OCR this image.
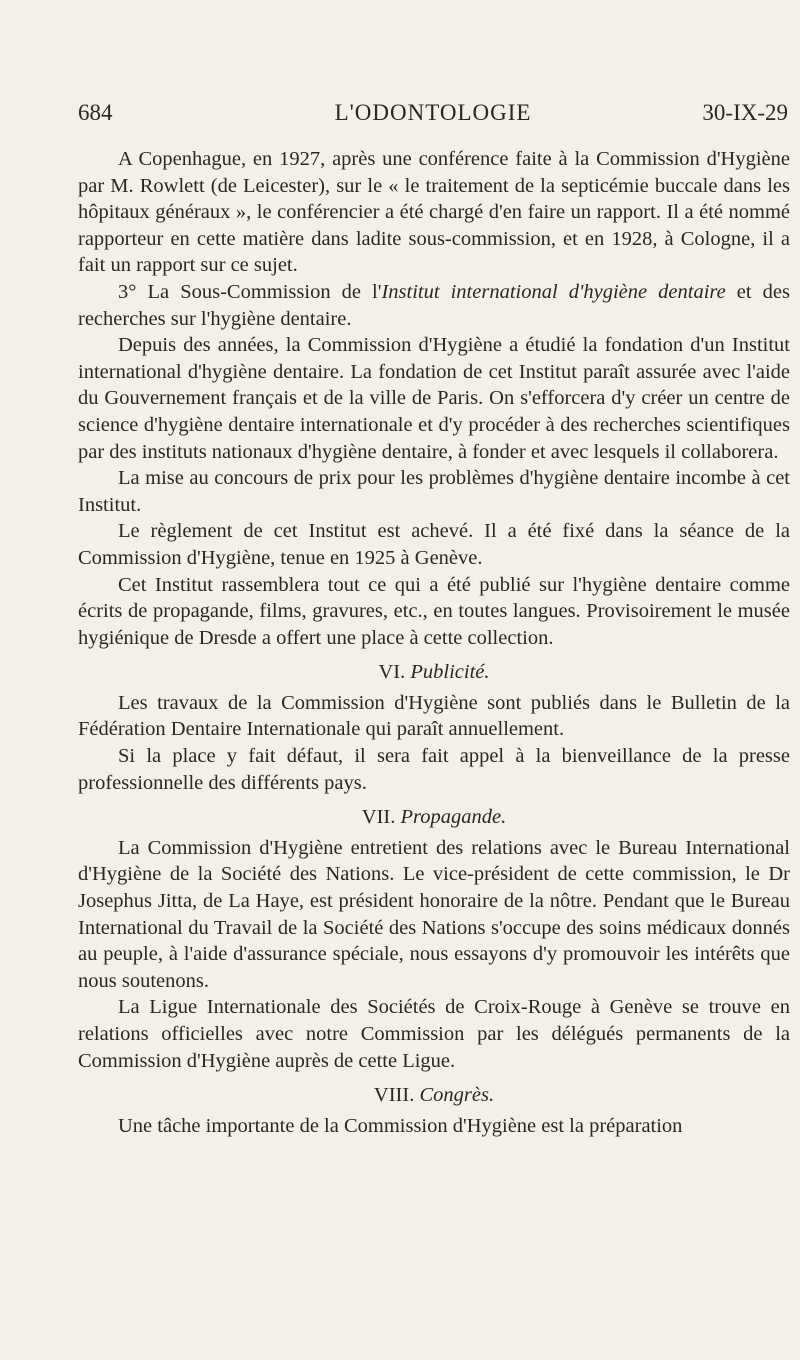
684	L'ODONTOLOGIE	30-IX-29

A Copenhague, en 1927, après une conférence faite à la Commission d'Hygiène par M. Rowlett (de Leicester), sur le « le traitement de la septicémie buccale dans les hôpitaux généraux », le conférencier a été chargé d'en faire un rapport. Il a été nommé rapporteur en cette matière dans ladite sous-commission, et en 1928, à Cologne, il a fait un rapport sur ce sujet.

3° La Sous-Commission de l'Institut international d'hygiène dentaire et des recherches sur l'hygiène dentaire.

Depuis des années, la Commission d'Hygiène a étudié la fondation d'un Institut international d'hygiène dentaire. La fondation de cet Institut paraît assurée avec l'aide du Gouvernement français et de la ville de Paris. On s'efforcera d'y créer un centre de science d'hygiène dentaire internationale et d'y procéder à des recherches scientifiques par des instituts nationaux d'hygiène dentaire, à fonder et avec lesquels il collaborera.

La mise au concours de prix pour les problèmes d'hygiène dentaire incombe à cet Institut.

Le règlement de cet Institut est achevé. Il a été fixé dans la séance de la Commission d'Hygiène, tenue en 1925 à Genève.

Cet Institut rassemblera tout ce qui a été publié sur l'hygiène dentaire comme écrits de propagande, films, gravures, etc., en toutes langues. Provisoirement le musée hygiénique de Dresde a offert une place à cette collection.

VI. Publicité.

Les travaux de la Commission d'Hygiène sont publiés dans le Bulletin de la Fédération Dentaire Internationale qui paraît annuellement.

Si la place y fait défaut, il sera fait appel à la bienveillance de la presse professionnelle des différents pays.

VII. Propagande.

La Commission d'Hygiène entretient des relations avec le Bureau International d'Hygiène de la Société des Nations. Le vice-président de cette commission, le Dr Josephus Jitta, de La Haye, est président honoraire de la nôtre. Pendant que le Bureau International du Travail de la Société des Nations s'occupe des soins médicaux donnés au peuple, à l'aide d'assurance spéciale, nous essayons d'y promouvoir les intérêts que nous soutenons.

La Ligue Internationale des Sociétés de Croix-Rouge à Genève se trouve en relations officielles avec notre Commission par les délégués permanents de la Commission d'Hygiène auprès de cette Ligue.

VIII. Congrès.

Une tâche importante de la Commission d'Hygiène est la préparation
